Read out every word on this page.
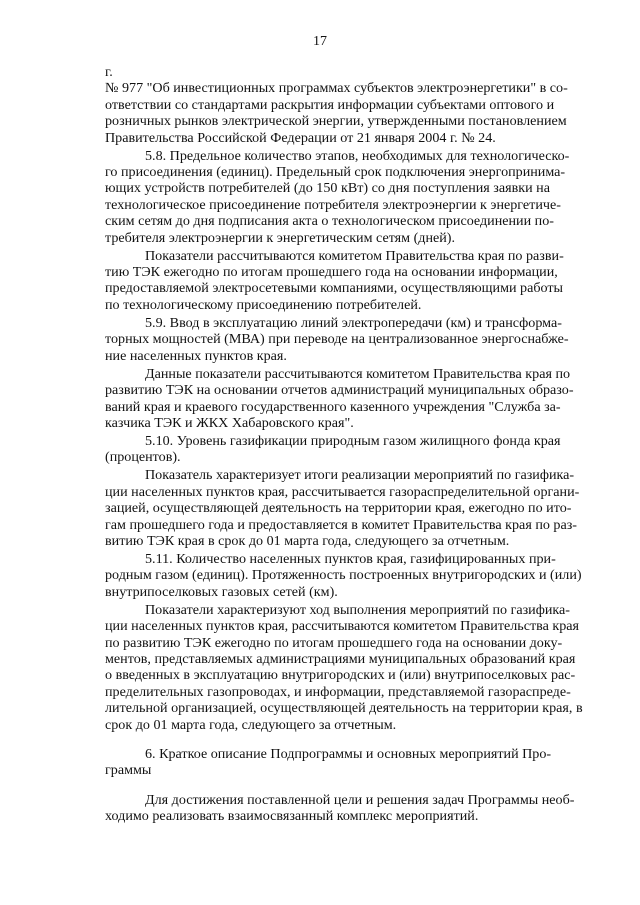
17

г.
№ 977 "Об инвестиционных программах субъектов электроэнергетики" в со-
ответствии со стандартами раскрытия информации субъектами оптового и
розничных рынков электрической энергии, утвержденными постановлением
Правительства Российской Федерации от 21 января 2004 г. № 24.

5.8. Предельное количество этапов, необходимых для технологическо-
го присоединения (единиц). Предельный срок подключения энергопринима-
ющих устройств потребителей (до 150 кВт) со дня поступления заявки на
технологическое присоединение потребителя электроэнергии к энергетиче-
ским сетям до дня подписания акта о технологическом присоединении по-
требителя электроэнергии к энергетическим сетям (дней).

Показатели рассчитываются комитетом Правительства края по разви-
тию ТЭК ежегодно по итогам прошедшего года на основании информации,
предоставляемой электросетевыми компаниями, осуществляющими работы
по технологическому присоединению потребителей.

5.9. Ввод в эксплуатацию линий электропередачи (км) и трансформа-
торных мощностей (МВА) при переводе на централизованное энергоснабже-
ние населенных пунктов края.

Данные показатели рассчитываются комитетом Правительства края по
развитию ТЭК на основании отчетов администраций муниципальных образо-
ваний края и краевого государственного казенного учреждения "Служба за-
казчика ТЭК и ЖКХ Хабаровского края".

5.10. Уровень газификации природным газом жилищного фонда края
(процентов).

Показатель характеризует итоги реализации мероприятий по газифика-
ции населенных пунктов края, рассчитывается газораспределительной органи-
зацией, осуществляющей деятельность на территории края, ежегодно по ито-
гам прошедшего года и предоставляется в комитет Правительства края по раз-
витию ТЭК края в срок до 01 марта года, следующего за отчетным.

5.11. Количество населенных пунктов края, газифицированных при-
родным газом (единиц). Протяженность построенных внутригородских и (или)
внутрипоселковых газовых сетей (км).

Показатели характеризуют ход выполнения мероприятий по газифика-
ции населенных пунктов края, рассчитываются комитетом Правительства края
по развитию ТЭК ежегодно по итогам прошедшего года на основании доку-
ментов, представляемых администрациями муниципальных образований края
о введенных в эксплуатацию внутригородских и (или) внутрипоселковых рас-
пределительных газопроводах, и информации, представляемой газораспреде-
лительной организацией, осуществляющей деятельность на территории края, в
срок до 01 марта года, следующего за отчетным.

6. Краткое описание Подпрограммы и основных мероприятий Про-
граммы

Для достижения поставленной цели и решения задач Программы необ-
ходимо реализовать взаимосвязанный комплекс мероприятий.
